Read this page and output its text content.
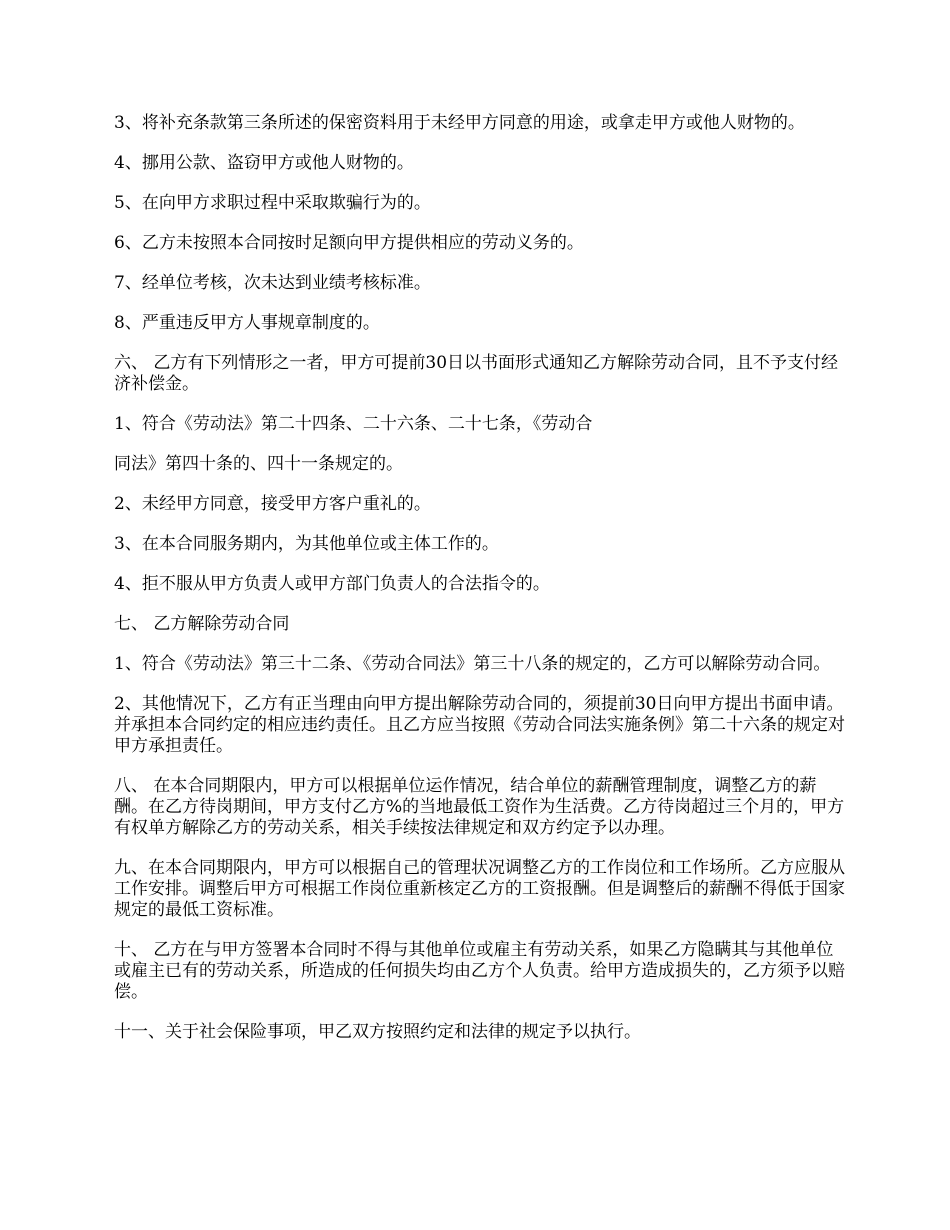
3、将补充条款第三条所述的保密资料用于未经甲方同意的用途，或拿走甲方或他人财物的。

4、挪用公款、盗窃甲方或他人财物的。

5、在向甲方求职过程中采取欺骗行为的。

6、乙方未按照本合同按时足额向甲方提供相应的劳动义务的。

7、经单位考核，次未达到业绩考核标准。

8、严重违反甲方人事规章制度的。

六、 乙方有下列情形之一者，甲方可提前30日以书面形式通知乙方解除劳动合同，且不予支付经济补偿金。

1、符合《劳动法》第二十四条、二十六条、二十七条，《劳动合

同法》第四十条的、四十一条规定的。

2、未经甲方同意，接受甲方客户重礼的。

3、在本合同服务期内，为其他单位或主体工作的。

4、拒不服从甲方负责人或甲方部门负责人的合法指令的。

七、 乙方解除劳动合同

1、符合《劳动法》第三十二条、《劳动合同法》第三十八条的规定的，乙方可以解除劳动合同。

2、其他情况下，乙方有正当理由向甲方提出解除劳动合同的，须提前30日向甲方提出书面申请。并承担本合同约定的相应违约责任。且乙方应当按照《劳动合同法实施条例》第二十六条的规定对甲方承担责任。

八、 在本合同期限内，甲方可以根据单位运作情况，结合单位的薪酬管理制度，调整乙方的薪酬。在乙方待岗期间，甲方支付乙方%的当地最低工资作为生活费。乙方待岗超过三个月的，甲方有权单方解除乙方的劳动关系，相关手续按法律规定和双方约定予以办理。

九、在本合同期限内，甲方可以根据自己的管理状况调整乙方的工作岗位和工作场所。乙方应服从工作安排。调整后甲方可根据工作岗位重新核定乙方的工资报酬。但是调整后的薪酬不得低于国家规定的最低工资标准。

十、 乙方在与甲方签署本合同时不得与其他单位或雇主有劳动关系，如果乙方隐瞒其与其他单位或雇主已有的劳动关系，所造成的任何损失均由乙方个人负责。给甲方造成损失的，乙方须予以赔偿。

十一、关于社会保险事项，甲乙双方按照约定和法律的规定予以执行。
